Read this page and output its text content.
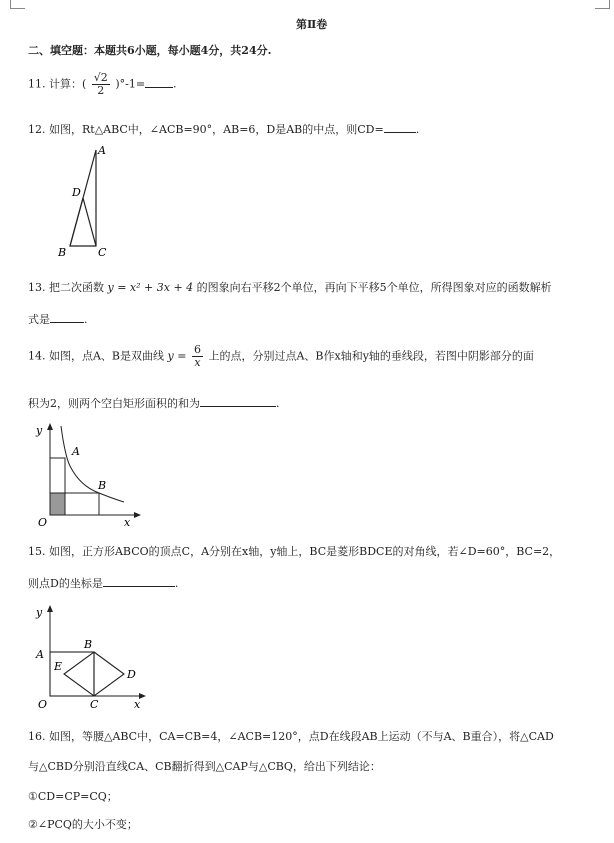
第Ⅱ卷
二、填空题：本题共6小题，每小题4分，共24分.
11. 计算：( $\frac{√2}{2} )^\circ-1=$	.
12. 如图，Rt△ABC中，∠ACB=90°，AB=6，D是AB的中点，则CD=	.
A
D
B	C
13. 把二次函数 y = x² + 3x + 4 的图象向右平移2个单位，再向下平移5个单位，所得图象对应的函数解析
式是	.
14. 如图，点A、B是双曲线 $y = \frac{6}{x}$ 上的点，分别过点A、B作x轴和y轴的垂线段，若图中阴影部分的面
积为2，则两个空白矩形面积的和为	.
y
A
B
O	x
15. 如图，正方形ABCO的顶点C，A分别在x轴，y轴上，BC是菱形BDCE的对角线，若∠D=60°，BC=2，
则点D的坐标是	.
y
A
B
E
D
O	C	x
16. 如图，等腰△ABC中，CA=CB=4，∠ACB=120°，点D在线段AB上运动（不与A、B重合），将△CAD
与△CBD分别沿直线CA、CB翻折得到△CAP与△CBQ，给出下列结论：
①CD=CP=CQ；
②∠PCQ的大小不变；
